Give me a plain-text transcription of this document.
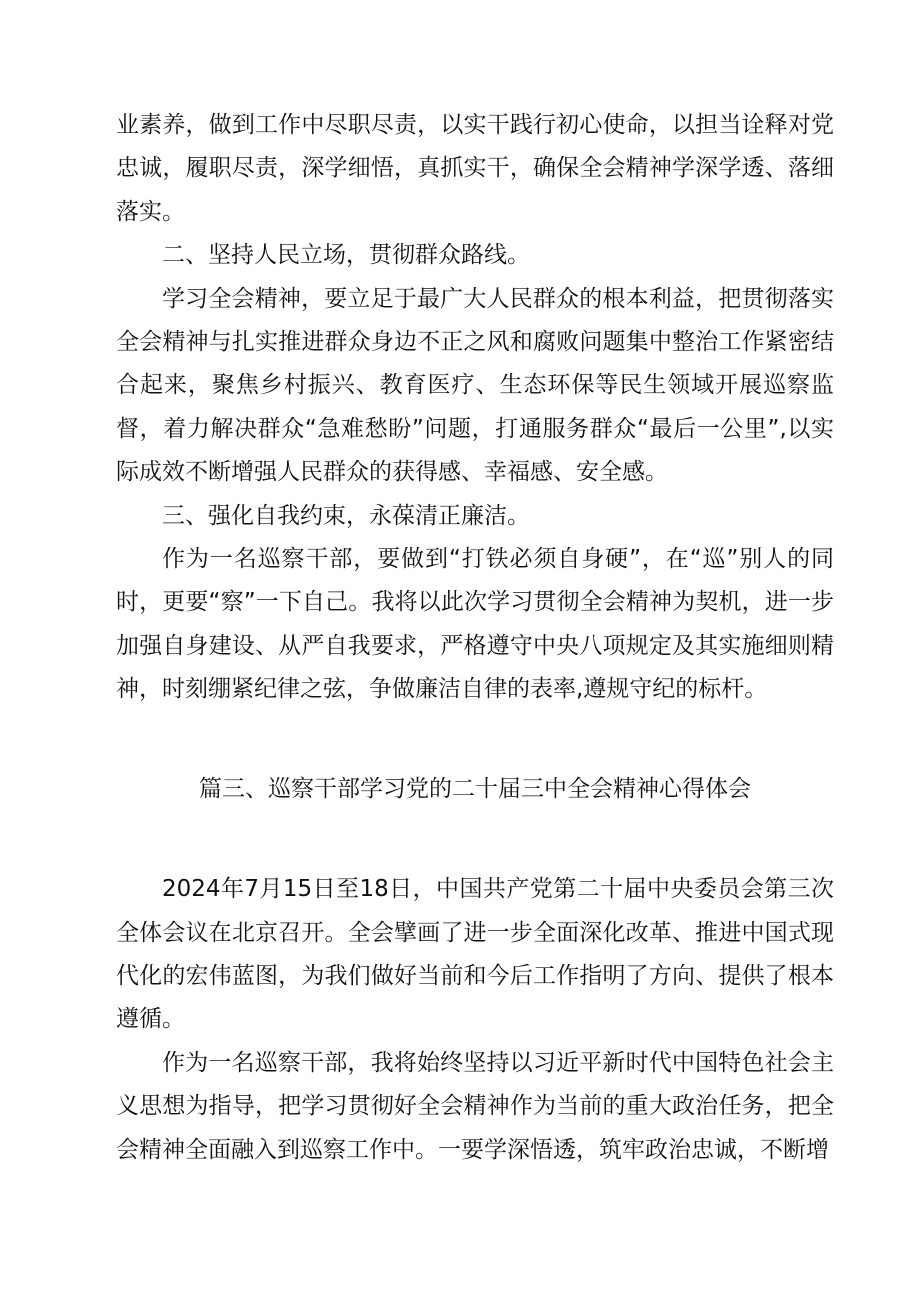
业素养，做到工作中尽职尽责，以实干践行初心使命，以担当诠释对党忠诚，履职尽责，深学细悟，真抓实干，确保全会精神学深学透、落细落实。

二、坚持人民立场，贯彻群众路线。

学习全会精神，要立足于最广大人民群众的根本利益，把贯彻落实全会精神与扎实推进群众身边不正之风和腐败问题集中整治工作紧密结合起来，聚焦乡村振兴、教育医疗、生态环保等民生领域开展巡察监督，着力解决群众“急难愁盼”问题，打通服务群众“最后一公里”,以实际成效不断增强人民群众的获得感、幸福感、安全感。

三、强化自我约束，永葆清正廉洁。

作为一名巡察干部，要做到“打铁必须自身硬”，在“巡”别人的同时，更要“察”一下自己。我将以此次学习贯彻全会精神为契机，进一步加强自身建设、从严自我要求，严格遵守中央八项规定及其实施细则精神，时刻绷紧纪律之弦，争做廉洁自律的表率,遵规守纪的标杆。

篇三、巡察干部学习党的二十届三中全会精神心得体会

2024年7月15日至18日，中国共产党第二十届中央委员会第三次全体会议在北京召开。全会擘画了进一步全面深化改革、推进中国式现代化的宏伟蓝图，为我们做好当前和今后工作指明了方向、提供了根本遵循。

作为一名巡察干部，我将始终坚持以习近平新时代中国特色社会主义思想为指导，把学习贯彻好全会精神作为当前的重大政治任务，把全会精神全面融入到巡察工作中。一要学深悟透，筑牢政治忠诚，不断增
